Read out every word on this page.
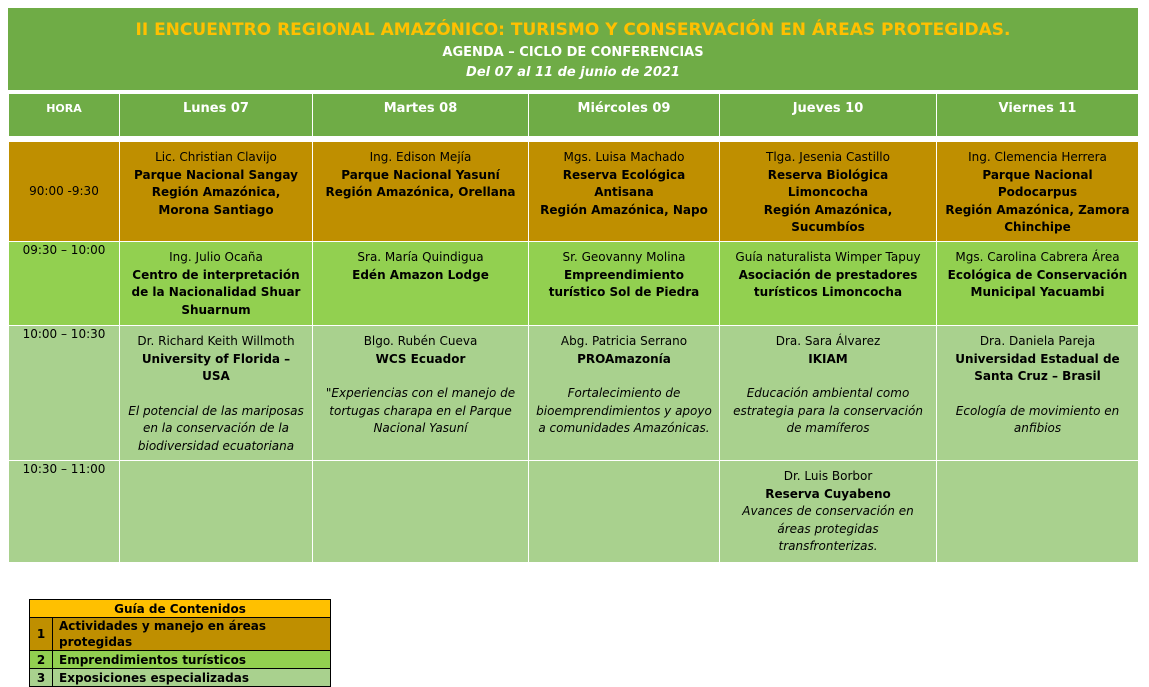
II ENCUENTRO REGIONAL AMAZÓNICO: TURISMO Y CONSERVACIÓN EN ÁREAS PROTEGIDAS.
AGENDA – CICLO DE CONFERENCIAS
Del 07 al 11 de junio de 2021
HORA	Lunes 07	Martes 08	Miércoles 09	Jueves 10	Viernes 11

90:00 -9:30	Lic. Christian Clavijo
Parque Nacional Sangay
Región Amazónica, Morona Santiago	Ing. Edison Mejía
Parque Nacional Yasuní
Región Amazónica, Orellana	Mgs. Luisa Machado
Reserva Ecológica Antisana
Región Amazónica, Napo	Tlga. Jesenia Castillo
Reserva Biológica Limoncocha
Región Amazónica, Sucumbíos	Ing. Clemencia Herrera
Parque Nacional Podocarpus
Región Amazónica, Zamora Chinchipe

09:30 – 10:00	Ing. Julio Ocaña
Centro de interpretación de la Nacionalidad Shuar Shuarnum	Sra. María Quindigua
Edén Amazon Lodge	Sr. Geovanny Molina
Empreendimiento turístico Sol de Piedra	Guía naturalista Wimper Tapuy
Asociación de prestadores turísticos Limoncocha	Mgs. Carolina Cabrera Área
Ecológica de Conservación Municipal Yacuambi

10:00 – 10:30	Dr. Richard Keith Willmoth
University of Florida – USA
El potencial de las mariposas en la conservación de la biodiversidad ecuatoriana	Blgo. Rubén Cueva
WCS Ecuador
"Experiencias con el manejo de tortugas charapa en el Parque Nacional Yasuní	Abg. Patricia Serrano
PROAmazonía
Fortalecimiento de bioemprendimientos y apoyo a comunidades Amazónicas.	Dra. Sara Álvarez
IKIAM
Educación ambiental como estrategia para la conservación de mamíferos	Dra. Daniela Pareja
Universidad Estadual de Santa Cruz – Brasil
Ecología de movimiento en anfibios

10:30 – 11:00				Dr. Luis Borbor
Reserva Cuyabeno
Avances de conservación en áreas protegidas transfronterizas.	

Guía de Contenidos	
1	Actividades y manejo en áreas protegidas
2	Emprendimientos turísticos
3	Exposiciones especializadas
